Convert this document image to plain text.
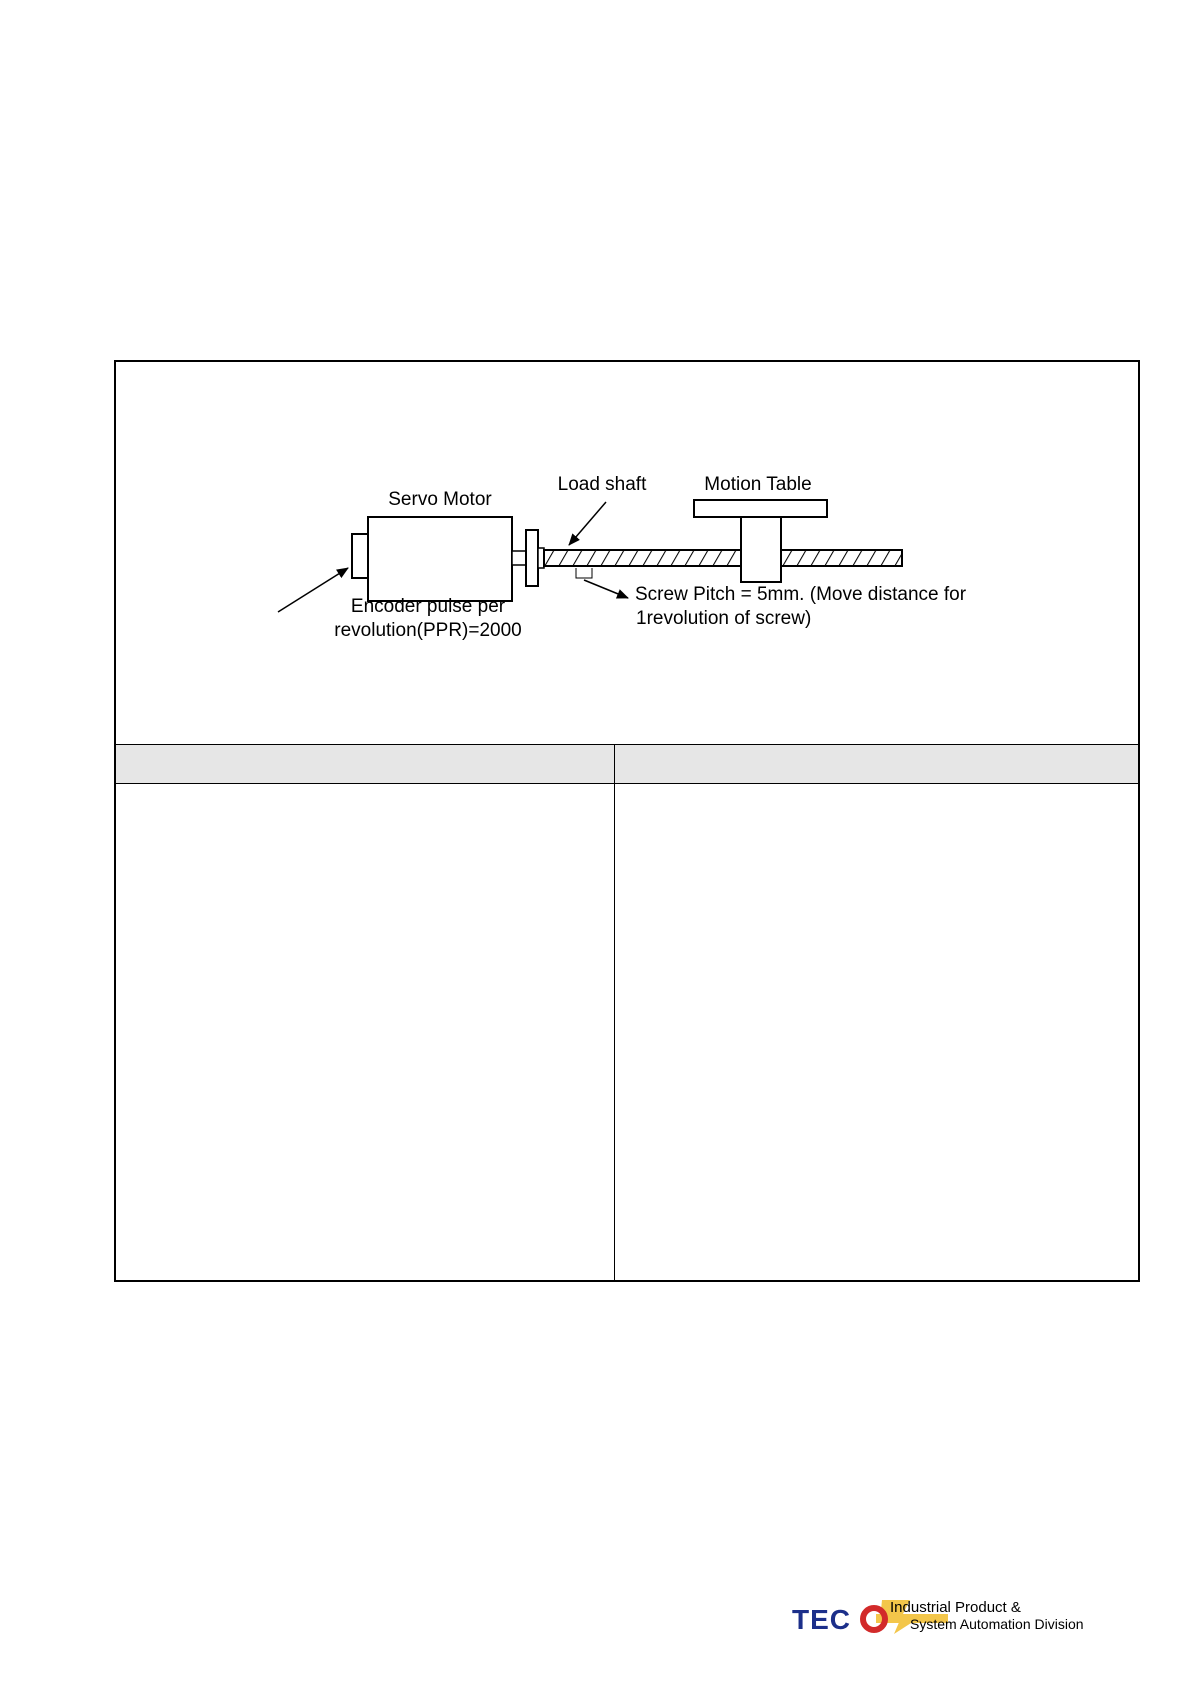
Servo Motor
Load shaft	Motion Table
Encoder pulse per
revolution(PPR)=2000
Screw Pitch = 5mm. (Move distance for
1revolution of screw)
TEC	Industrial Product &
System Automation Division
